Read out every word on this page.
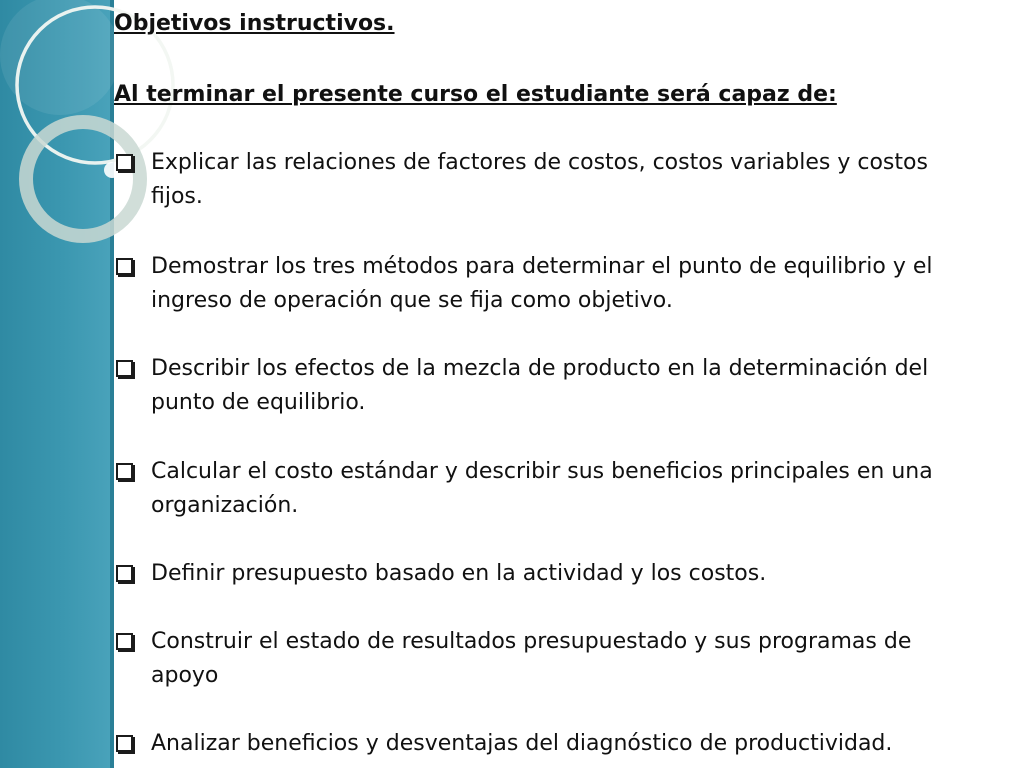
Objetivos instructivos.
Al terminar el presente curso el estudiante será capaz de:
Explicar las relaciones de factores de costos, costos variables y costos fijos.
Demostrar los tres métodos para determinar el punto de equilibrio y el ingreso de operación que se fija como objetivo.
Describir los efectos de la mezcla de producto en la determinación del punto de equilibrio.
Calcular el costo estándar y describir sus beneficios principales en una organización.
Definir presupuesto basado en la actividad y los costos.
Construir el estado de resultados presupuestado y sus programas de apoyo
Analizar beneficios y desventajas del diagnóstico de productividad.
